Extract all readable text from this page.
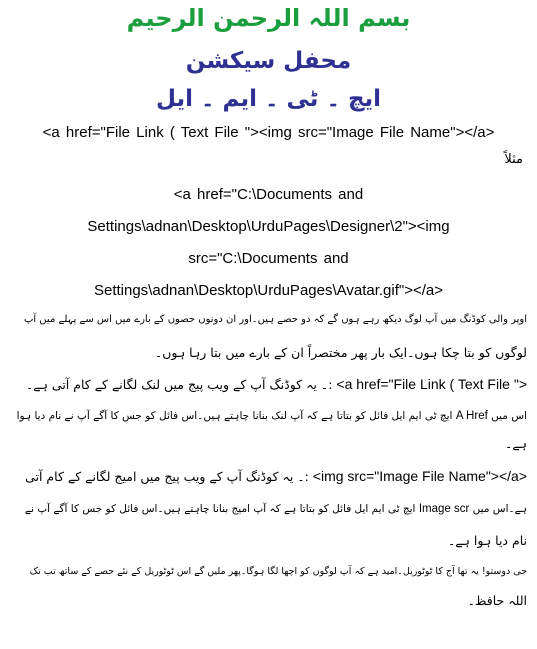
بسم اللہ الرحمن الرحیم
محفل سیکشن
ایچ ۔ ٹی ۔ ایم ۔ ایل
<a href="File Link ( Text File "><img src="Image File Name"></a>
مثلاً
<a href="C:\Documents and
Settings\adnan\Desktop\UrduPages\Designer\2"><img
src="C:\Documents and
Settings\adnan\Desktop\UrduPages\Avatar.gif"></a>
اوپر والی کوڈنگ میں آپ لوگ دیکھ رہے ہوں گے کہ دو حصے ہیں۔اور ان دونوں حصوں کے بارے میں اس سے پہلے میں آپ
لوگوں کو بتا چکا ہوں۔ایک بار پھر مختصراً ان کے بارے میں بتا رہا ہوں۔
<a href="File Link ( Text File "> :۔ یہ کوڈنگ آپ کے ویب پیج میں لنک لگانے کے کام آتی ہے۔
اس میں A Href ایچ ٹی ایم ایل فائل کو بتاتا ہے کہ آپ لنک بنانا چاہتے ہیں۔اس فائل کو جس کا آگے آپ نے نام دیا ہوا
ہے۔
<img src="Image File Name"></a> :۔ یہ کوڈنگ آپ کے ویب پیج میں امیج لگانے کے کام آتی
ہے۔اس میں Image scr ایچ ٹی ایم ایل فائل کو بتاتا ہے کہ آپ امیج بنانا چاہتے ہیں۔اس فائل کو جس کا آگے آپ نے
نام دیا ہوا ہے۔
جی دوستو! یہ تھا آج کا ٹوٹوریل۔امید ہے کہ آپ لوگوں کو اچھا لگا ہوگا۔پھر ملیں گے اس ٹوٹوریل کے نئے حصے کے ساتھ تب تک
اللہ حافظ۔
